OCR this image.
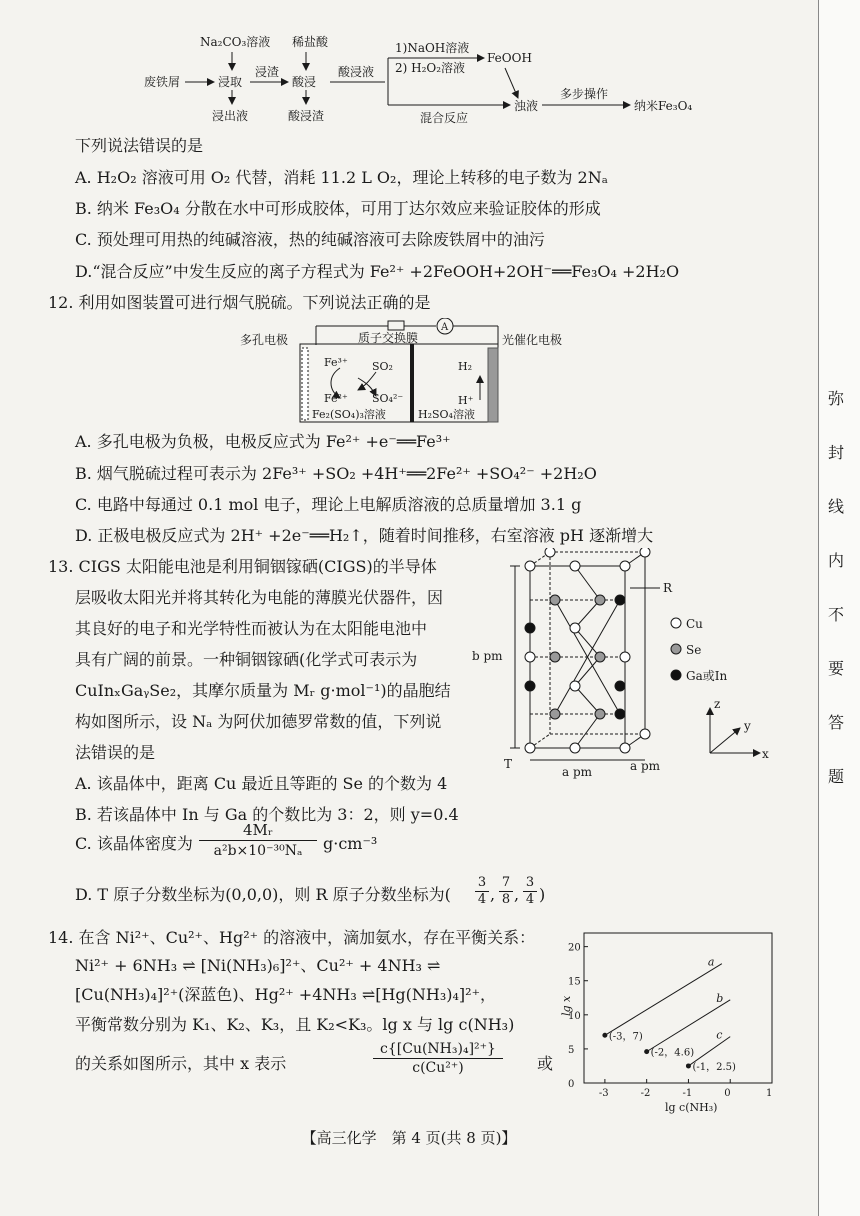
Na₂CO₃溶液 稀盐酸	1)NaOH溶液
2) H₂O₂溶液
FeOOH
废铁屑	浸取
浸渣
酸浸
酸浸液
浸出液	酸浸渣	混合反应
浊液
多步操作
纳米Fe₃O₄
下列说法错误的是
A. H₂O₂ 溶液可用 O₂ 代替，消耗 11.2 L O₂，理论上转移的电子数为 2Nₐ
B. 纳米 Fe₃O₄ 分散在水中可形成胶体，可用丁达尔效应来验证胶体的形成
C. 预处理可用热的纯碱溶液，热的纯碱溶液可去除废铁屑中的油污
D.“混合反应”中发生反应的离子方程式为 Fe²⁺ +2FeOOH+2OH⁻══Fe₃O₄ +2H₂O
12. 利用如图装置可进行烟气脱硫。下列说法正确的是
A
多孔电极	质子交换膜	光催化电极
Fe³⁺ SO₂
Fe²⁺ SO₄²⁻
H₂
H⁺
Fe₂(SO₄)₃溶液	H₂SO₄溶液
A. 多孔电极为负极，电极反应式为 Fe²⁺ +e⁻══Fe³⁺
B. 烟气脱硫过程可表示为 2Fe³⁺ +SO₂ +4H⁺══2Fe²⁺ +SO₄²⁻ +2H₂O
C. 电路中每通过 0.1 mol 电子，理论上电解质溶液的总质量增加 3.1 g
D. 正极电极反应式为 2H⁺ +2e⁻══H₂↑，随着时间推移，右室溶液 pH 逐渐增大
13. CIGS 太阳能电池是利用铜铟镓硒(CIGS)的半导体
层吸收太阳光并将其转化为电能的薄膜光伏器件，因
其良好的电子和光学特性而被认为在太阳能电池中
具有广阔的前景。一种铜铟镓硒(化学式可表示为
CuInₓGaᵧSe₂，其摩尔质量为 Mᵣ g·mol⁻¹)的晶胞结
构如图所示，设 Nₐ 为阿伏加德罗常数的值，下列说
法错误的是
A. 该晶体中，距离 Cu 最近且等距的 Se 的个数为 4
B. 若该晶体中 In 与 Ga 的个数比为 3：2，则 y=0.4
C. 该晶体密度为 $\frac{\text{4Mᵣ}}{\text{a²b×10⁻³⁰Nₐ}} g\cdot cm^{-3}$
D. T 原子分数坐标为(0,0,0)，则 R 原子分数坐标为( $\frac{3}{4}$ , $\frac{7}{8}$ , $\frac{3}{4}$ )
Cu
Se
Ga或In
R
T
b pm
a pm	a pm
z
y
x
14. 在含 Ni²⁺、Cu²⁺、Hg²⁺ 的溶液中，滴加氨水，存在平衡关系：
Ni²⁺ + 6NH₃ ⇌ [Ni(NH₃)₆]²⁺、Cu²⁺ + 4NH₃ ⇌
[Cu(NH₃)₄]²⁺(深蓝色)、Hg²⁺ +4NH₃ ⇌[Hg(NH₃)₄]²⁺，
平衡常数分别为 K₁、K₂、K₃，且 K₂<K₃。lg x 与 lg c(NH₃)
的关系如图所示，其中 x 表示	$\frac{\text{c\{[Cu(NH₃)₄]²⁺\}}}{\text{c(Cu²⁺)}}$ 或
-3	-2	-1	0	1
0
5
10
15
20
a
b
c
(-3，7)
(-2，4.6)
(-1，2.5)
lg c(NH₃)
lg x
【高三化学　第 4 页(共 8 页)】
弥
封
线
内
不
要
答
题
